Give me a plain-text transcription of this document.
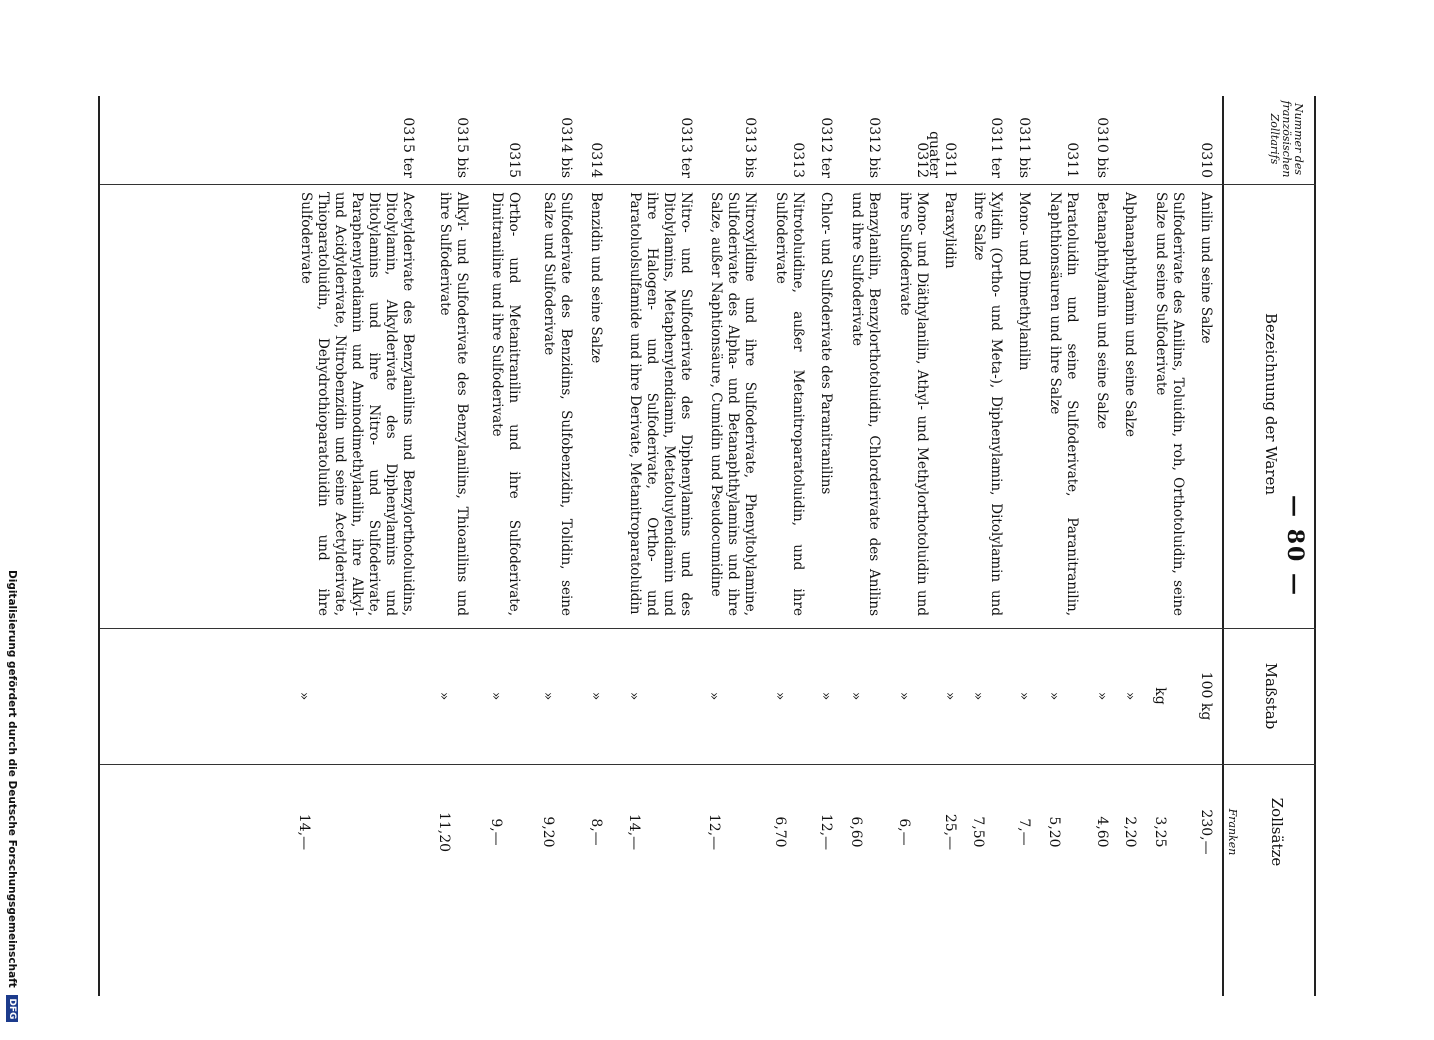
— 80 —
Nummer des französischen Zolltarifs
Bezeichnung der Waren
Maßstab
Zollsätze
Franken
0310
Anilin und seine Salze
100 kg
230,—
Sulfoderivate des Anilins, Toluidin, roh, Orthotoluidin, seine Salze und seine Sulfoderivate
kg
3,25
Alphanaphthylamin und seine Salze
»
2,20
0310 bis
Betanaphthylamin und seine Salze
»
4,60
0311
Paratoluidin und seine Sulfoderivate, Paranitranilin, Naphthionsäuren und ihre Salze
»
5,20
0311 bis
Mono- und Dimethylanilin
»
7,—
0311 ter
Xylidin (Ortho- und Meta-), Diphenylamin, Ditolylamin und ihre Salze
»
7,50
0311 quater
Paraxylidin
»
25,—
0312
Mono- und Diäthylanilin, Athyl- und Methylorthotoluidin und ihre Sulfoderivate
»
6,—
0312 bis
Benzylanilin, Benzylorthotoluidin, Chlorderivate des Anilins und ihre Sulfoderivate
»
6,60
0312 ter
Chlor- und Sulfoderivate des Paranitranilins
»
12,—
0313
Nitrotoluidine, außer Metanitroparatoluidin, und ihre Sulfoderivate
»
6,70
0313 bis
Nitroxylidine und ihre Sulfoderivate, Phenyltolylamine, Sulfoderivate des Alpha- und Betanaphthylamins und ihre Salze, außer Naphtionsäure, Cumidin und Pseudocumidine
»
12,—
0313 ter
Nitro- und Sulfoderivate des Diphenylamins und des Ditolylamins, Metaphenylendiamin, Metatoluylendiamin und ihre Halogen- und Sulfoderivate, Ortho- und Paratoluolsulfamide und ihre Derivate, Metanitroparatoluidin
»
14,—
0314
Benzidin und seine Salze
»
8,—
0314 bis
Sulfoderivate des Benzidins, Sulfobenzidin, Tolidin, seine Salze und Sulfoderivate
»
9,20
0315
Ortho- und Metanitranilin und ihre Sulfoderivate, Dinitraniline und ihre Sulfoderivate
»
9,—
0315 bis
Alkyl- und Sulfoderivate des Benzylanilins, Thioanilins und ihre Sulfoderivate
»
11,20
0315 ter
Acetylderivate des Benzylanilins und Benzylorthotoluidins, Ditolylamin, Alkylderivate des Diphenylamins und Ditolylamins und ihre Nitro- und Sulfoderivate, Paraphenylendiamin und Aminodimethylanilin, ihre Alkyl- und Acidylderivate, Nitrobenzidin und seine Acetylderivate, Thioparatoluidin, Dehydrothioparatoluidin und ihre Sulfoderivate
»
14,—
Digitalisierung gefördert durch die Deutsche Forschungsgemeinschaft DFG
